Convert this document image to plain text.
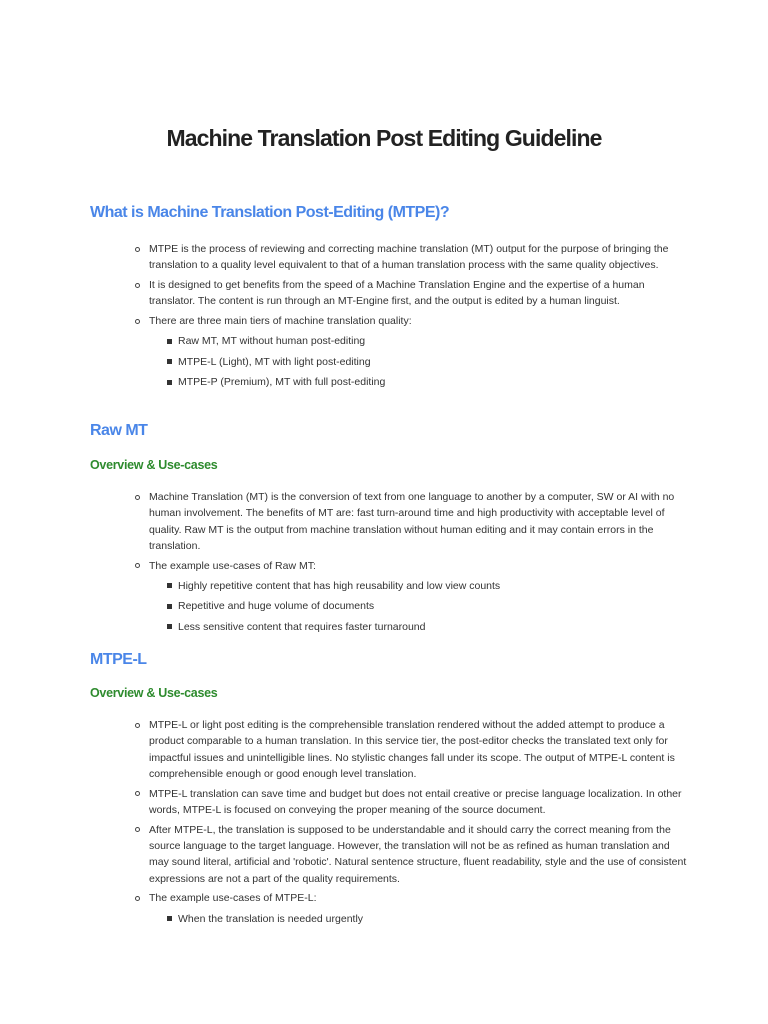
Machine Translation Post Editing Guideline
What is Machine Translation Post-Editing (MTPE)?
MTPE is the process of reviewing and correcting machine translation (MT) output for the purpose of bringing the translation to a quality level equivalent to that of a human translation process with the same quality objectives.
It is designed to get benefits from the speed of a Machine Translation Engine and the expertise of a human translator. The content is run through an MT-Engine first, and the output is edited by a human linguist.
There are three main tiers of machine translation quality:
Raw MT, MT without human post-editing
MTPE-L (Light), MT with light post-editing
MTPE-P (Premium), MT with full post-editing
Raw MT
Overview & Use-cases
Machine Translation (MT) is the conversion of text from one language to another by a computer, SW or AI with no human involvement. The benefits of MT are: fast turn-around time and high productivity with acceptable level of quality. Raw MT is the output from machine translation without human editing and it may contain errors in the translation.
The example use-cases of Raw MT:
Highly repetitive content that has high reusability and low view counts
Repetitive and huge volume of documents
Less sensitive content that requires faster turnaround
MTPE-L
Overview & Use-cases
MTPE-L or light post editing is the comprehensible translation rendered without the added attempt to produce a product comparable to a human translation. In this service tier, the post-editor checks the translated text only for impactful issues and unintelligible lines. No stylistic changes fall under its scope. The output of MTPE-L content is comprehensible enough or good enough level translation.
MTPE-L translation can save time and budget but does not entail creative or precise language localization. In other words, MTPE-L is focused on conveying the proper meaning of the source document.
After MTPE-L, the translation is supposed to be understandable and it should carry the correct meaning from the source language to the target language. However, the translation will not be as refined as human translation and may sound literal, artificial and 'robotic'. Natural sentence structure, fluent readability, style and the use of consistent expressions are not a part of the quality requirements.
The example use-cases of MTPE-L:
When the translation is needed urgently
